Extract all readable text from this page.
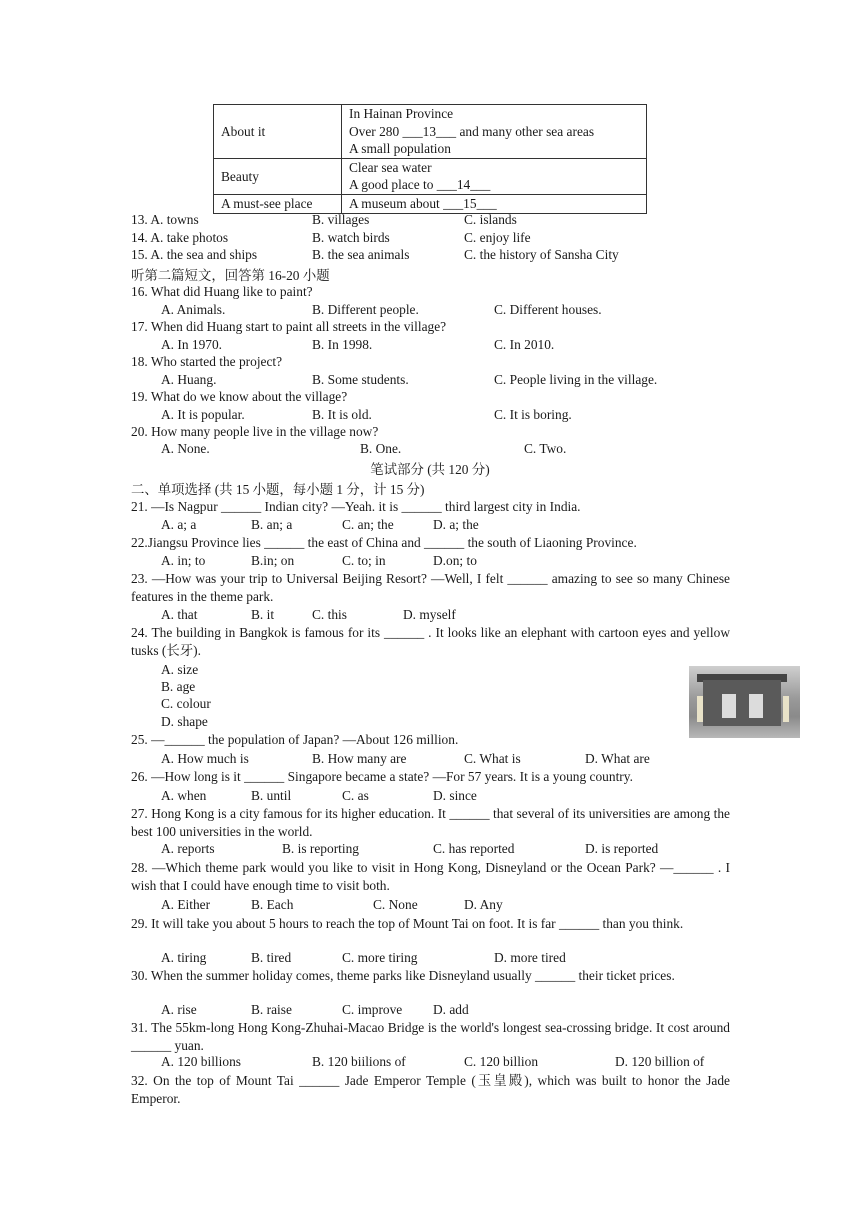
About it	In Hainan Province
Over 280 ___13___ and many other sea areas
A small population

Beauty	Clear sea water
A good place to ___14___

A must-see place	A museum about ___15___
13. A. towns	B. villages	C. islands
14. A. take photos	B. watch birds	C. enjoy life
15. A. the sea and ships	B. the sea animals	C. the history of Sansha City
听第二篇短文，回答第 16-20 小题
16. What did Huang like to paint?
A. Animals.	B. Different people.	C. Different houses.
17. When did Huang start to paint all streets in the village?
A. In 1970.	B. In 1998.	C. In 2010.
18. Who started the project?
A. Huang.	B. Some students.	C. People living in the village.
19. What do we know about the village?
A. It is popular.	B. It is old.	C. It is boring.
20. How many people live in the village now?
A. None.	B. One.	C. Two.
笔试部分 (共 120 分)
二、单项选择 (共 15 小题，每小题 1 分，计 15 分)
21. —Is Nagpur ______ Indian city? —Yeah. it is ______ third largest city in India.
A. a; a	B. an; a	C. an; the	D. a; the
22.Jiangsu Province lies ______ the east of China and ______ the south of Liaoning Province.
A. in; to	B.in; on	C. to; in	D.on; to
23. —How was your trip to Universal Beijing Resort? —Well, I felt ______ amazing to see so many Chinese features in the theme park.
A. that	B. it	C. this	D. myself
24. The building in Bangkok is famous for its ______ . It looks like an elephant with cartoon eyes and yellow tusks (长牙).
A. size
B. age
C. colour
D. shape
25. —______ the population of Japan? —About 126 million.
A. How much is	B. How many are	C. What is	D. What are
26. —How long is it ______ Singapore became a state? —For 57 years. It is a young country.
A. when	B. until	C. as	D. since
27. Hong Kong is a city famous for its higher education. It ______ that several of its universities are among the best 100 universities in the world.
A. reports	B. is reporting	C. has reported	D. is reported
28. —Which theme park would you like to visit in Hong Kong, Disneyland or the Ocean Park? —______ . I wish that I could have enough time to visit both.
A. Either	B. Each	C. None	D. Any
29. It will take you about 5 hours to reach the top of Mount Tai on foot. It is far ______ than you think.
A. tiring	B. tired	C. more tiring	D. more tired
30. When the summer holiday comes, theme parks like Disneyland usually ______ their ticket prices.
A. rise	B. raise	C. improve D. add
31. The 55km-long Hong Kong-Zhuhai-Macao Bridge is the world's longest sea-crossing bridge. It cost around ______ yuan.
A. 120 billions	B. 120 biilions of	C. 120 billion	D. 120 billion of
32. On the top of Mount Tai ______ Jade Emperor Temple (玉皇殿), which was built to honor the Jade Emperor.
